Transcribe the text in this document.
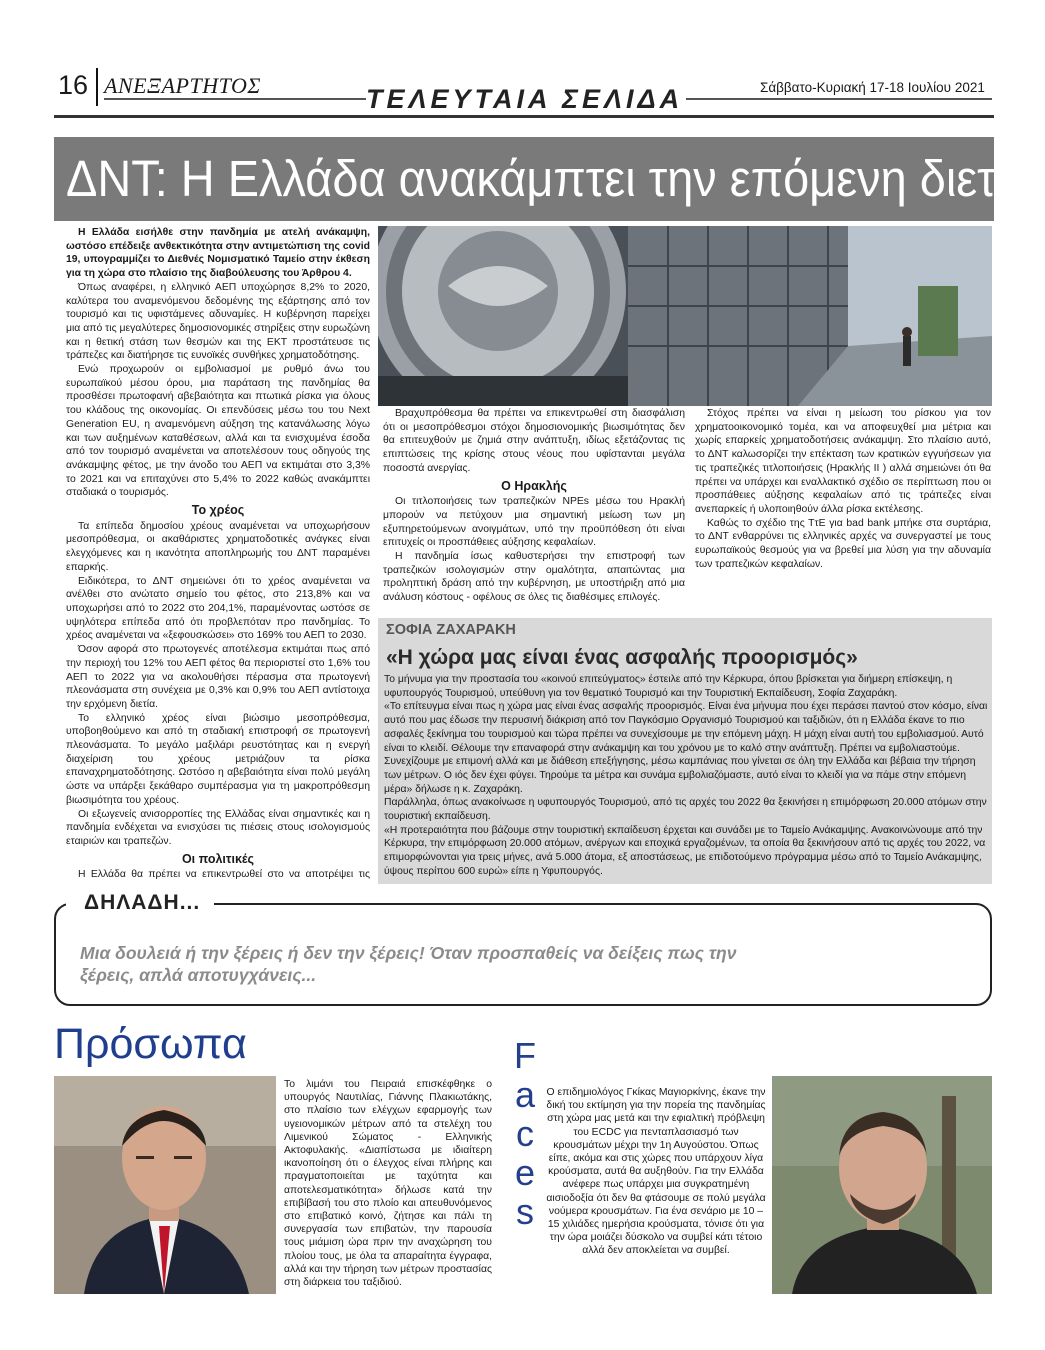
16 ΑΝΕΞΑΡΤΗΤΟΣ	ΤΕΛΕΥΤΑΙΑ ΣΕΛΙΔΑ	Σάββατο-Κυριακή 17-18 Ιουλίου 2021
ΔΝΤ: Η Ελλάδα ανακάμπτει την επόμενη διετία

Η Ελλάδα εισήλθε στην πανδημία με ατελή ανάκαμψη, ωστόσο επέδειξε ανθεκτικότητα στην αντιμετώπιση της covid 19, υπογραμμίζει το Διεθνές Νομισματικό Ταμείο στην έκθεση για τη χώρα στο πλαίσιο της διαβούλευσης του Άρθρου 4.

Όπως αναφέρει, η ελληνικό ΑΕΠ υποχώρησε 8,2% το 2020, καλύτερα του αναμενόμενου δεδομένης της εξάρτησης από τον τουρισμό και τις υφιστάμενες αδυναμίες. Η κυβέρνηση παρείχει μια από τις μεγαλύτερες δημοσιονομικές στηρίξεις στην ευρωζώνη και η θετική στάση των θεσμών και της ΕΚΤ προστάτευσε τις τράπεζες και διατήρησε τις ευνοϊκές συνθήκες χρηματοδότησης.

Ενώ προχωρούν οι εμβολιασμοί με ρυθμό άνω του ευρωπαϊκού μέσου όρου, μια παράταση της πανδημίας θα προσθέσει πρωτοφανή αβεβαιότητα και πτωτικά ρίσκα για όλους του κλάδους της οικονομίας. Οι επενδύσεις μέσω του του Next Generation EU, η αναμενόμενη αύξηση της κατανάλωσης λόγω και των αυξημένων καταθέσεων, αλλά και τα ενισχυμένα έσοδα από τον τουρισμό αναμένεται να αποτελέσουν τους οδηγούς της ανάκαμψης φέτος, με την άνοδο του ΑΕΠ να εκτιμάται στο 3,3% το 2021 και να επιταχύνει στο 5,4% το 2022 καθώς ανακάμπτει σταδιακά ο τουρισμός.

Το χρέος

Τα επίπεδα δημοσίου χρέους αναμένεται να υποχωρήσουν μεσοπρόθεσμα, οι ακαθάριστες χρηματοδοτικές ανάγκες είναι ελεγχόμενες και η ικανότητα αποπληρωμής του ΔΝΤ παραμένει επαρκής.

Ειδικότερα, το ΔΝΤ σημειώνει ότι το χρέος αναμένεται να ανέλθει στο ανώτατο σημείο του φέτος, στο 213,8% και να υποχωρήσει από το 2022 στο 204,1%, παραμένοντας ωστόσε σε υψηλότερα επίπεδα από ότι προβλεπόταν προ πανδημίας. Το χρέος αναμένεται να «ξεφουσκώσει» στο 169% του ΑΕΠ το 2030.

Όσον αφορά στο πρωτογενές αποτέλεσμα εκτιμάται πως από την περιοχή του 12% του ΑΕΠ φέτος θα περιοριστεί στο 1,6% του ΑΕΠ το 2022 για να ακολουθήσει πέρασμα στα πρωτογενή πλεονάσματα στη συνέχεια με 0,3% και 0,9% του ΑΕΠ αντίστοιχα την ερχόμενη διετία.

Το ελληνικό χρέος είναι βιώσιμο μεσοπρόθεσμα, υποβοηθούμενο και από τη σταδιακή επιστροφή σε πρωτογενή πλεονάσματα. Το μεγάλο μαξιλάρι ρευστότητας και η ενεργή διαχείριση του χρέους μετριάζουν τα ρίσκα επαναχρηματοδότησης. Ωστόσο η αβεβαιότητα είναι πολύ μεγάλη ώστε να υπάρξει ξεκάθαρο συμπέρασμα για τη μακροπρόθεσμη βιωσιμότητα του χρέους.

Οι εξωγενείς ανισορροπίες της Ελλάδας είναι σημαντικές και η πανδημία ενδέχεται να ενισχύσει τις πιέσεις στους ισολογισμούς εταιριών και τραπεζών.

Οι πολιτικές

Η Ελλάδα θα πρέπει να επικεντρωθεί στο να αποτρέψει τις

Βραχυπρόθεσμα θα πρέπει να επικεντρωθεί στη διασφάλιση ότι οι μεσοπρόθεσμοι στόχοι δημοσιονομικής βιωσιμότητας δεν θα επιτευχθούν με ζημιά στην ανάπτυξη, ιδίως εξετάζοντας τις επιπτώσεις της κρίσης στους νέους που υφίστανται μεγάλα ποσοστά ανεργίας.

Ο Ηρακλής

Οι τιτλοποιήσεις των τραπεζικών NPEs μέσω του Ηρακλή μπορούν να πετύχουν μια σημαντική μείωση των μη εξυπηρετούμενων ανοιγμάτων, υπό την προϋπόθεση ότι είναι επιτυχείς οι προσπάθειες αύξησης κεφαλαίων.

Η πανδημία ίσως καθυστερήσει την επιστροφή των τραπεζικών ισολογισμών στην ομαλότητα, απαιτώντας μια προληπτική δράση από την κυβέρνηση, με υποστήριξη από μια ανάλυση κόστους - οφέλους σε όλες τις διαθέσιμες επιλογές.

Στόχος πρέπει να είναι η μείωση του ρίσκου για τον χρηματοοικονομικό τομέα, και να αποφευχθεί μια μέτρια και χωρίς επαρκείς χρηματοδοτήσεις ανάκαμψη. Στο πλαίσιο αυτό, το ΔΝΤ καλωσορίζει την επέκταση των κρατικών εγγυήσεων για τις τραπεζικές τιτλοποιήσεις (Ηρακλής ΙΙ ) αλλά σημειώνει ότι θα πρέπει να υπάρχει και εναλλακτικό σχέδιο σε περίπτωση που οι προσπάθειες αύξησης κεφαλαίων από τις τράπεζες είναι ανεπαρκείς ή υλοποιηθούν άλλα ρίσκα εκτέλεσης.

Καθώς το σχέδιο της ΤτΕ για bad bank μπήκε στα συρτάρια, το ΔΝΤ ενθαρρύνει τις ελληνικές αρχές να συνεργαστεί με τους ευρωπαϊκούς θεσμούς για να βρεθεί μια λύση για την αδυναμία των τραπεζικών κεφαλαίων.

ΣΟΦΙΑ ΖΑΧΑΡΑΚΗ
«Η χώρα μας είναι ένας ασφαλής προορισμός»

Το μήνυμα για την προστασία του «κοινού επιτεύγματος» έστειλε από την Κέρκυρα, όπου βρίσκεται για διήμερη επίσκεψη, η υφυπουργός Τουρισμού, υπεύθυνη για τον θεματικό Τουρισμό και την Τουριστική Εκπαίδευση, Σοφία Ζαχαράκη.

«Το επίτευγμα είναι πως η χώρα μας είναι ένας ασφαλής προορισμός. Είναι ένα μήνυμα που έχει περάσει παντού στον κόσμο, είναι αυτό που μας έδωσε την περυσινή διάκριση από τον Παγκόσμιο Οργανισμό Τουρισμού και ταξιδιών, ότι η Ελλάδα έκανε το πιο ασφαλές ξεκίνημα του τουρισμού και τώρα πρέπει να συνεχίσουμε με την επόμενη μάχη. Η μάχη είναι αυτή του εμβολιασμού. Αυτό είναι το κλειδί. Θέλουμε την επαναφορά στην ανάκαμψη και του χρόνου με το καλό στην ανάπτυξη. Πρέπει να εμβολιαστούμε. Συνεχίζουμε με επιμονή αλλά και με διάθεση επεξήγησης, μέσω καμπάνιας που γίνεται σε όλη την Ελλάδα και βέβαια την τήρηση των μέτρων. Ο ιός δεν έχει φύγει. Τηρούμε τα μέτρα και συνάμα εμβολιαζόμαστε, αυτό είναι το κλειδί για να πάμε στην επόμενη μέρα» δήλωσε η κ. Ζαχαράκη.

Παράλληλα, όπως ανακοίνωσε η υφυπουργός Τουρισμού, από τις αρχές του 2022 θα ξεκινήσει η επιμόρφωση 20.000 ατόμων στην τουριστική εκπαίδευση.

«Η προτεραιότητα που βάζουμε στην τουριστική εκπαίδευση έρχεται και συνάδει με το Ταμείο Ανάκαμψης. Ανακοινώνουμε από την Κέρκυρα, την επιμόρφωση 20.000 ατόμων, ανέργων και εποχικά εργαζομένων, τα οποία θα ξεκινήσουν από τις αρχές του 2022, να επιμορφώνονται για τρεις μήνες, ανά 5.000 άτομα, εξ αποστάσεως, με επιδοτούμενο πρόγραμμα μέσω από το Ταμείο Ανάκαμψης, ύψους περίπου 600 ευρώ» είπε η Υφυπουργός.

ΔΗΛΑΔΗ...
Μια δουλειά ή την ξέρεις ή δεν την ξέρεις! Όταν προσπαθείς να δείξεις πως την ξέρεις, απλά αποτυγχάνεις...
Πρόσωπα	F
a
c
e
s
Το λιμάνι του Πειραιά επισκέφθηκε ο υπουργός Ναυτιλίας, Γιάννης Πλακιωτάκης, στο πλαίσιο των ελέγχων εφαρμογής των υγειονομικών μέτρων από τα στελέχη του Λιμενικού Σώματος - Ελληνικής Ακτοφυλακής. «Διαπίστωσα με ιδιαίτερη ικανοποίηση ότι ο έλεγχος είναι πλήρης και πραγματοποιείται με ταχύτητα και αποτελεσματικότητα» δήλωσε κατά την επιβίβασή του στο πλοίο και απευθυνόμενος στο επιβατικό κοινό, ζήτησε και πάλι τη συνεργασία των επιβατών, την παρουσία τους μιάμιση ώρα πριν την αναχώρηση του πλοίου τους, με όλα τα απαραίτητα έγγραφα, αλλά και την τήρηση των μέτρων προστασίας στη διάρκεια του ταξιδιού.
Ο επιδημιολόγος Γκίκας Μαγιορκίνης, έκανε την δική του εκτίμηση για την πορεία της πανδημίας στη χώρα μας μετά και την εφιαλτική πρόβλεψη του ECDC για πενταπλασιασμό των κρουσμάτων μέχρι την 1η Αυγούστου. Όπως είπε, ακόμα και στις χώρες που υπάρχουν λίγα κρούσματα, αυτά θα αυξηθούν. Για την Ελλάδα ανέφερε πως υπάρχει μια συγκρατημένη αισιοδοξία ότι δεν θα φτάσουμε σε πολύ μεγάλα νούμερα κρουσμάτων. Για ένα σενάριο με 10 – 15 χιλιάδες ημερήσια κρούσματα, τόνισε ότι για την ώρα μοιάζει δύσκολο να συμβεί κάτι τέτοιο αλλά δεν αποκλείεται να συμβεί.
